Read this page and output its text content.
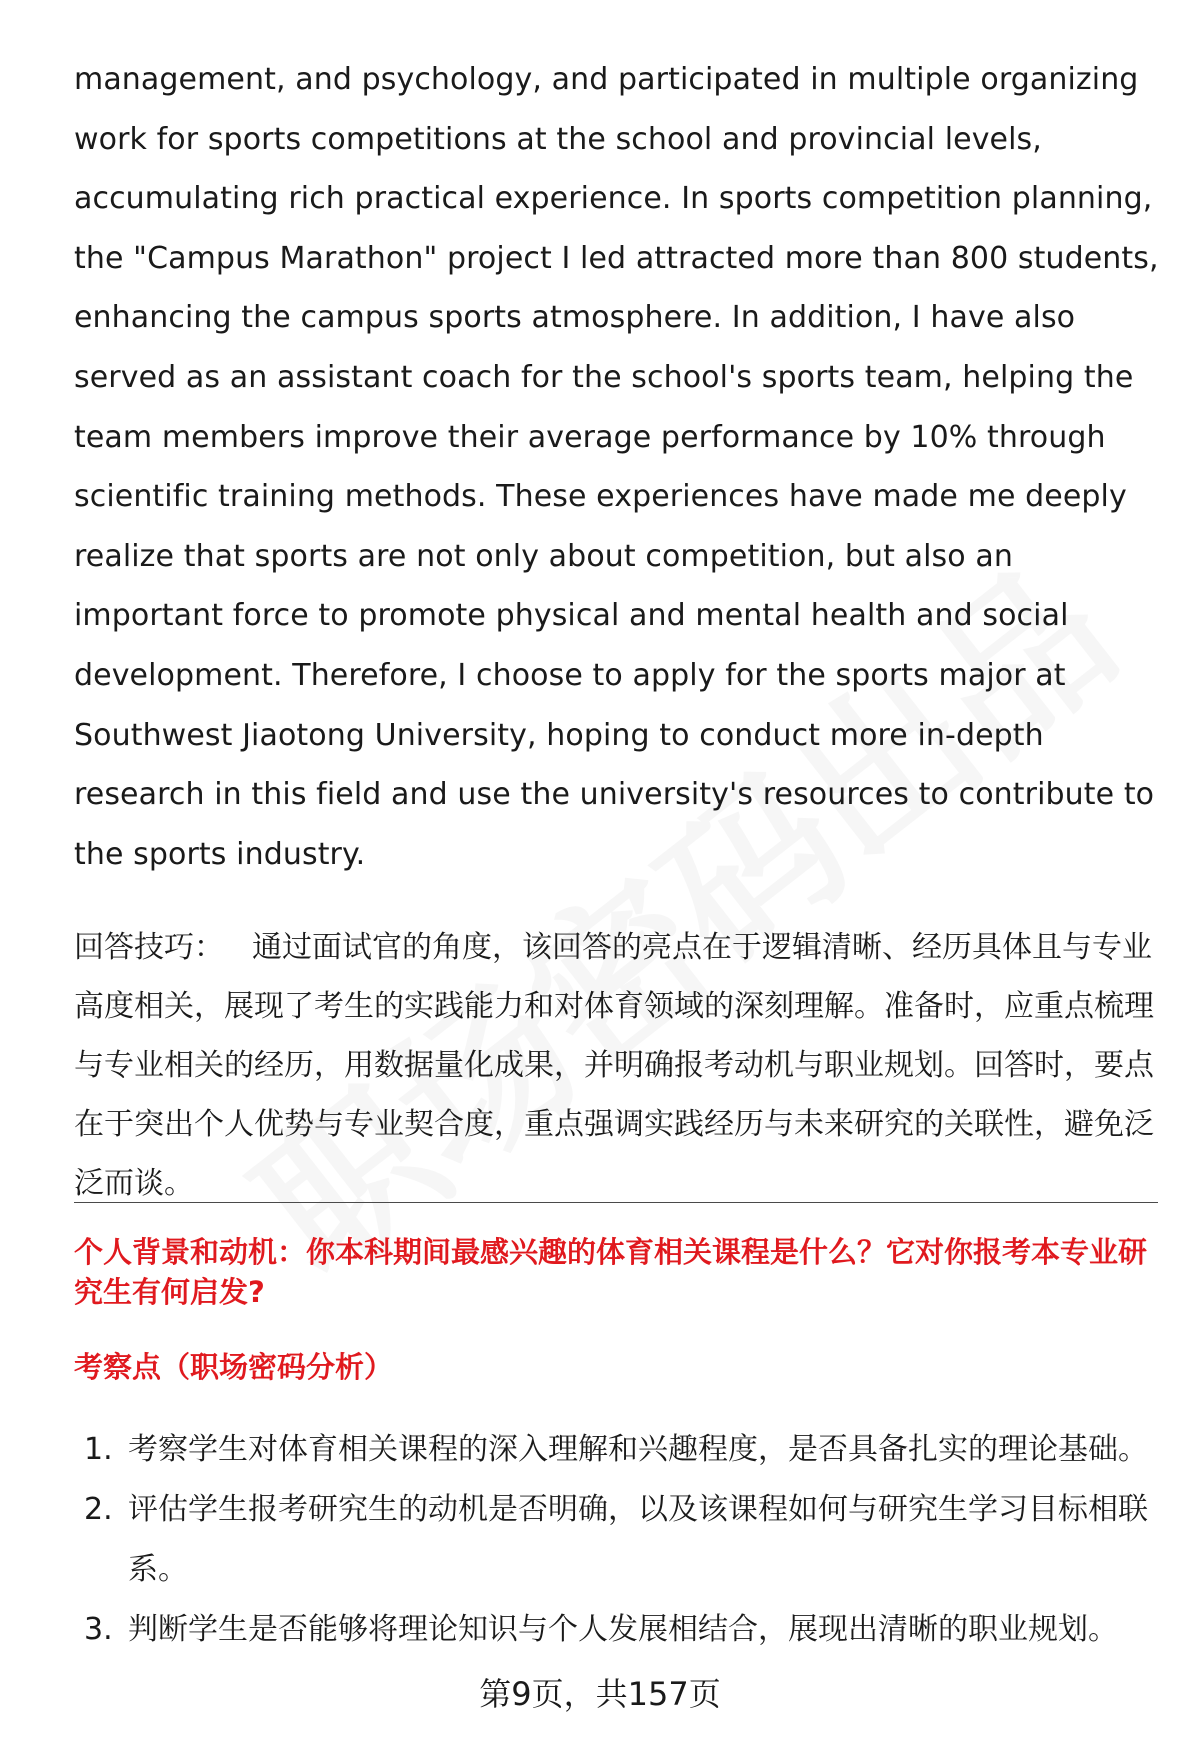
management, and psychology, and participated in multiple organizing work for sports competitions at the school and provincial levels, accumulating rich practical experience. In sports competition planning, the "Campus Marathon" project I led attracted more than 800 students, enhancing the campus sports atmosphere. In addition, I have also served as an assistant coach for the school's sports team, helping the team members improve their average performance by 10% through scientific training methods. These experiences have made me deeply realize that sports are not only about competition, but also an important force to promote physical and mental health and social development. Therefore, I choose to apply for the sports major at Southwest Jiaotong University, hoping to conduct more in-depth research in this field and use the university's resources to contribute to the sports industry.

回答技巧： 通过面试官的角度，该回答的亮点在于逻辑清晰、经历具体且与专业高度相关，展现了考生的实践能力和对体育领域的深刻理解。准备时，应重点梳理与专业相关的经历，用数据量化成果，并明确报考动机与职业规划。回答时，要点在于突出个人优势与专业契合度，重点强调实践经历与未来研究的关联性，避免泛泛而谈。

个人背景和动机：你本科期间最感兴趣的体育相关课程是什么？它对你报考本专业研究生有何启发?

考察点（职场密码分析）

1. 考察学生对体育相关课程的深入理解和兴趣程度，是否具备扎实的理论基础。
2. 评估学生报考研究生的动机是否明确，以及该课程如何与研究生学习目标相联系。
3. 判断学生是否能够将理论知识与个人发展相结合，展现出清晰的职业规划。
第9页，共157页
